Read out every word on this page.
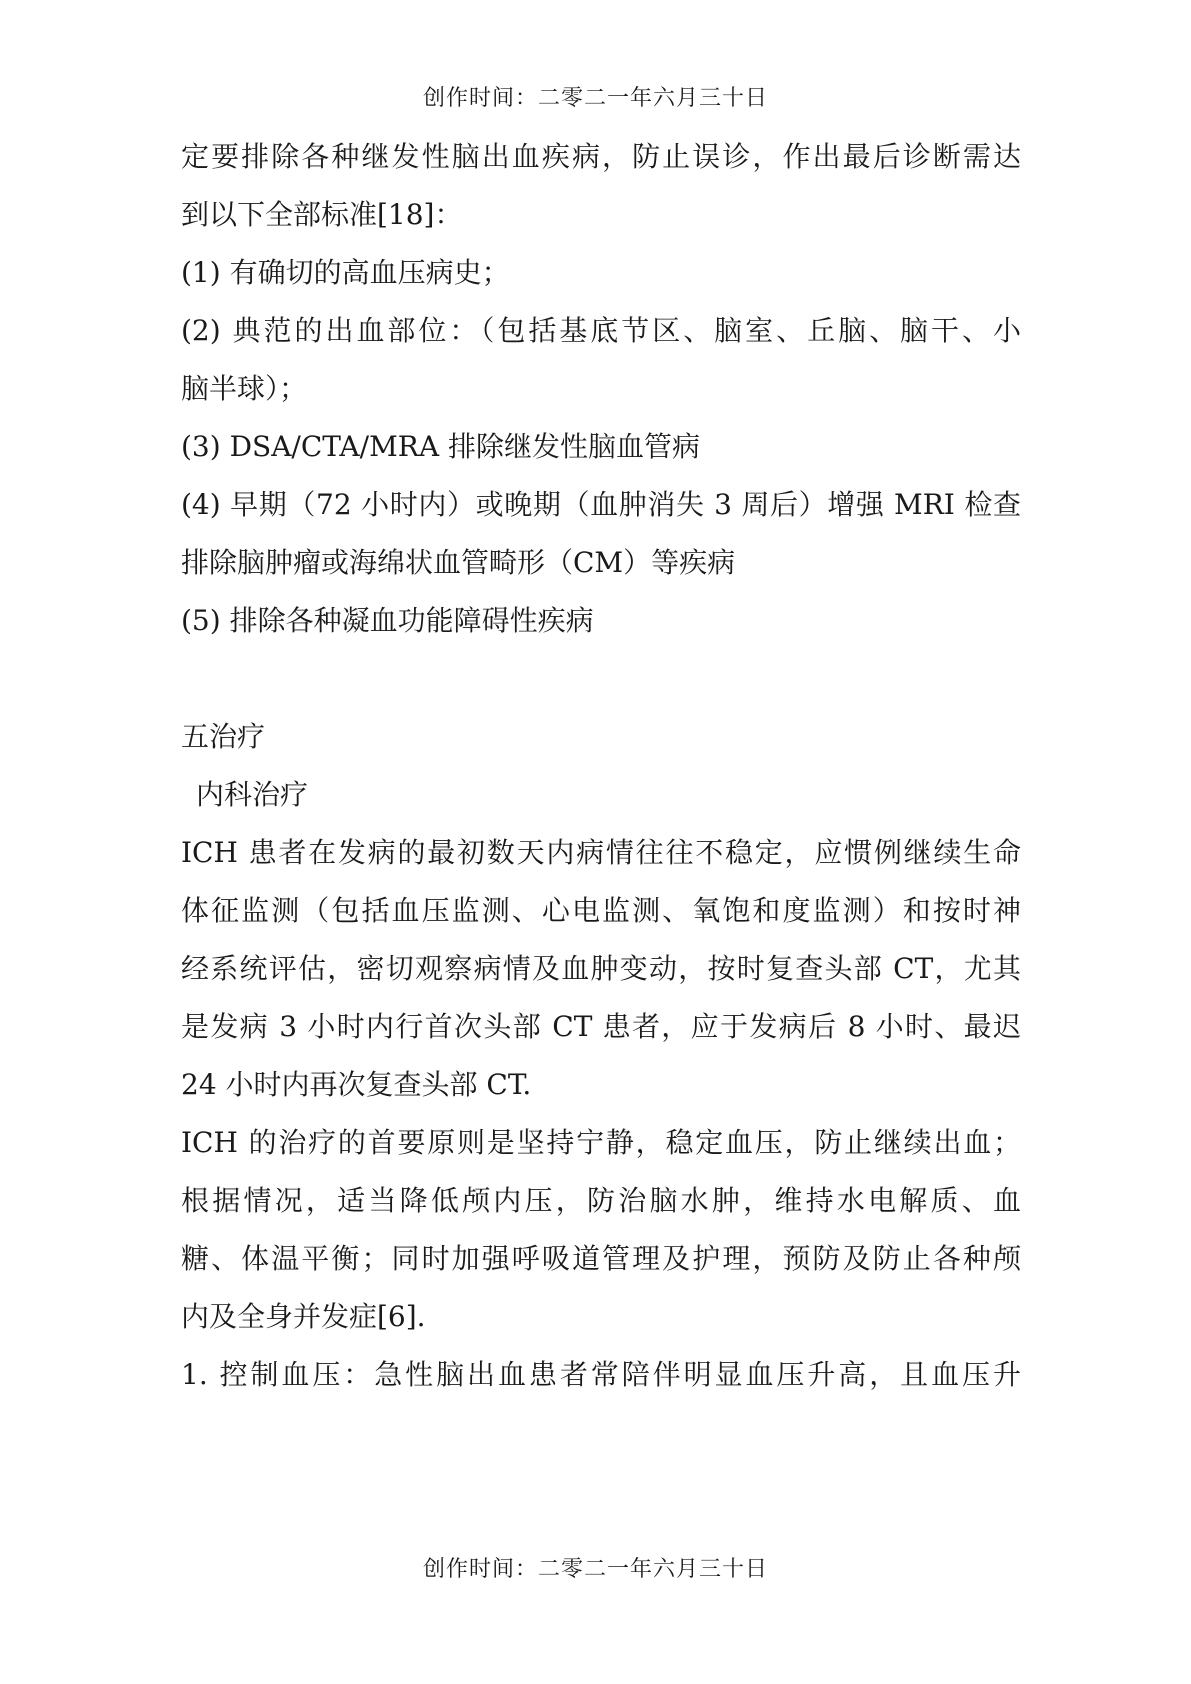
创作时间：二零二一年六月三十日
定要排除各种继发性脑出血疾病，防止误诊，作出最后诊断需达
到以下全部标准[18]：
(1) 有确切的高血压病史；
(2) 典范的出血部位：（包括基底节区、脑室、丘脑、脑干、小
脑半球）；
(3) DSA/CTA/MRA 排除继发性脑血管病
(4) 早期（72 小时内）或晚期（血肿消失 3 周后）增强 MRI 检查
排除脑肿瘤或海绵状血管畸形（CM）等疾病
(5) 排除各种凝血功能障碍性疾病
五治疗
内科治疗
ICH 患者在发病的最初数天内病情往往不稳定，应惯例继续生命
体征监测（包括血压监测、心电监测、氧饱和度监测）和按时神
经系统评估，密切观察病情及血肿变动，按时复查头部 CT，尤其
是发病 3 小时内行首次头部 CT 患者，应于发病后 8 小时、最迟
24 小时内再次复查头部 CT.
ICH 的治疗的首要原则是坚持宁静，稳定血压，防止继续出血；
根据情况，适当降低颅内压，防治脑水肿，维持水电解质、血
糖、体温平衡；同时加强呼吸道管理及护理，预防及防止各种颅
内及全身并发症[6].
1. 控制血压：急性脑出血患者常陪伴明显血压升高，且血压升
创作时间：二零二一年六月三十日
